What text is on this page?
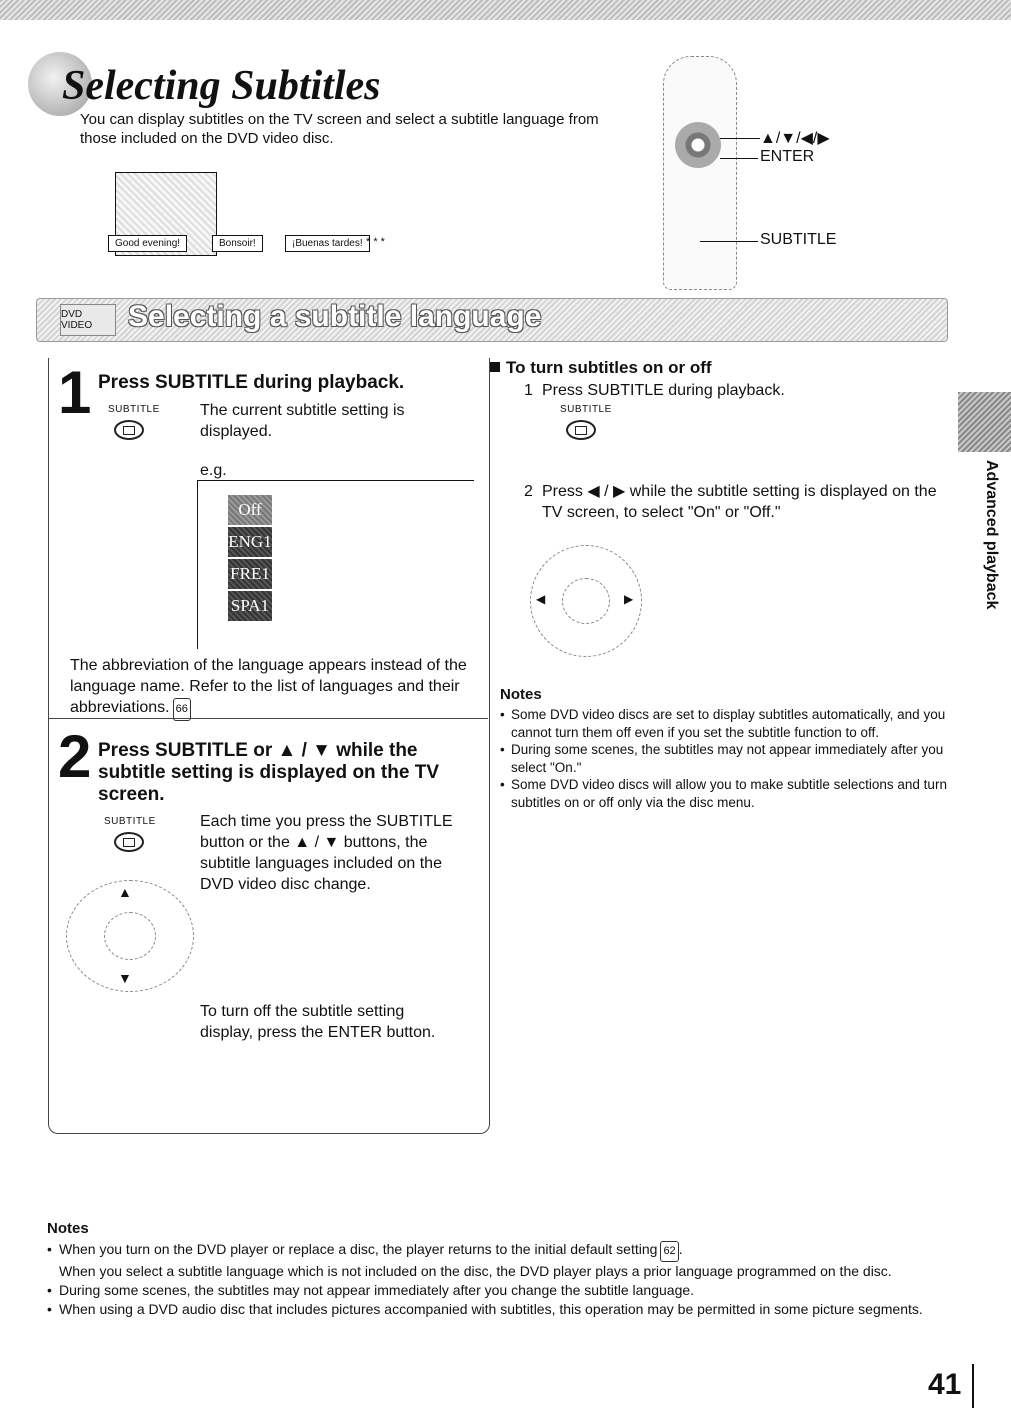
Selecting Subtitles
You can display subtitles on the TV screen and select a subtitle language from those included on the DVD video disc.
Good evening!	Bonsoir!	¡Buenas tardes! * * *
▲/▼/◀/▶
ENTER
SUBTITLE
DVD VIDEO	Selecting a subtitle language
1 Press SUBTITLE during playback.
SUBTITLE	The current subtitle setting is displayed.
e.g.
Off
ENG1
FRE1
SPA1
The abbreviation of the language appears instead of the language name. Refer to the list of languages and their abbreviations. 66
2 Press SUBTITLE or ▲ / ▼ while the subtitle setting is displayed on the TV screen.
SUBTITLE	Each time you press the SUBTITLE button or the ▲ / ▼ buttons, the subtitle languages included on the DVD video disc change.
▲
▼
To turn off the subtitle setting display, press the ENTER button.
To turn subtitles on or off
1 Press SUBTITLE during playback.
SUBTITLE
2 Press ◀ / ▶ while the subtitle setting is displayed on the TV screen, to select "On" or "Off."
◀	▶
Notes
• Some DVD video discs are set to display subtitles automatically, and you cannot turn them off even if you set the subtitle function to off.
• During some scenes, the subtitles may not appear immediately after you select "On."
• Some DVD video discs will allow you to make subtitle selections and turn subtitles on or off only via the disc menu.
Advanced playback
Notes
• When you turn on the DVD player or replace a disc, the player returns to the initial default setting 62 .
When you select a subtitle language which is not included on the disc, the DVD player plays a prior language programmed on the disc.
• During some scenes, the subtitles may not appear immediately after you change the subtitle language.
• When using a DVD audio disc that includes pictures accompanied with subtitles, this operation may be permitted in some picture segments.
41
